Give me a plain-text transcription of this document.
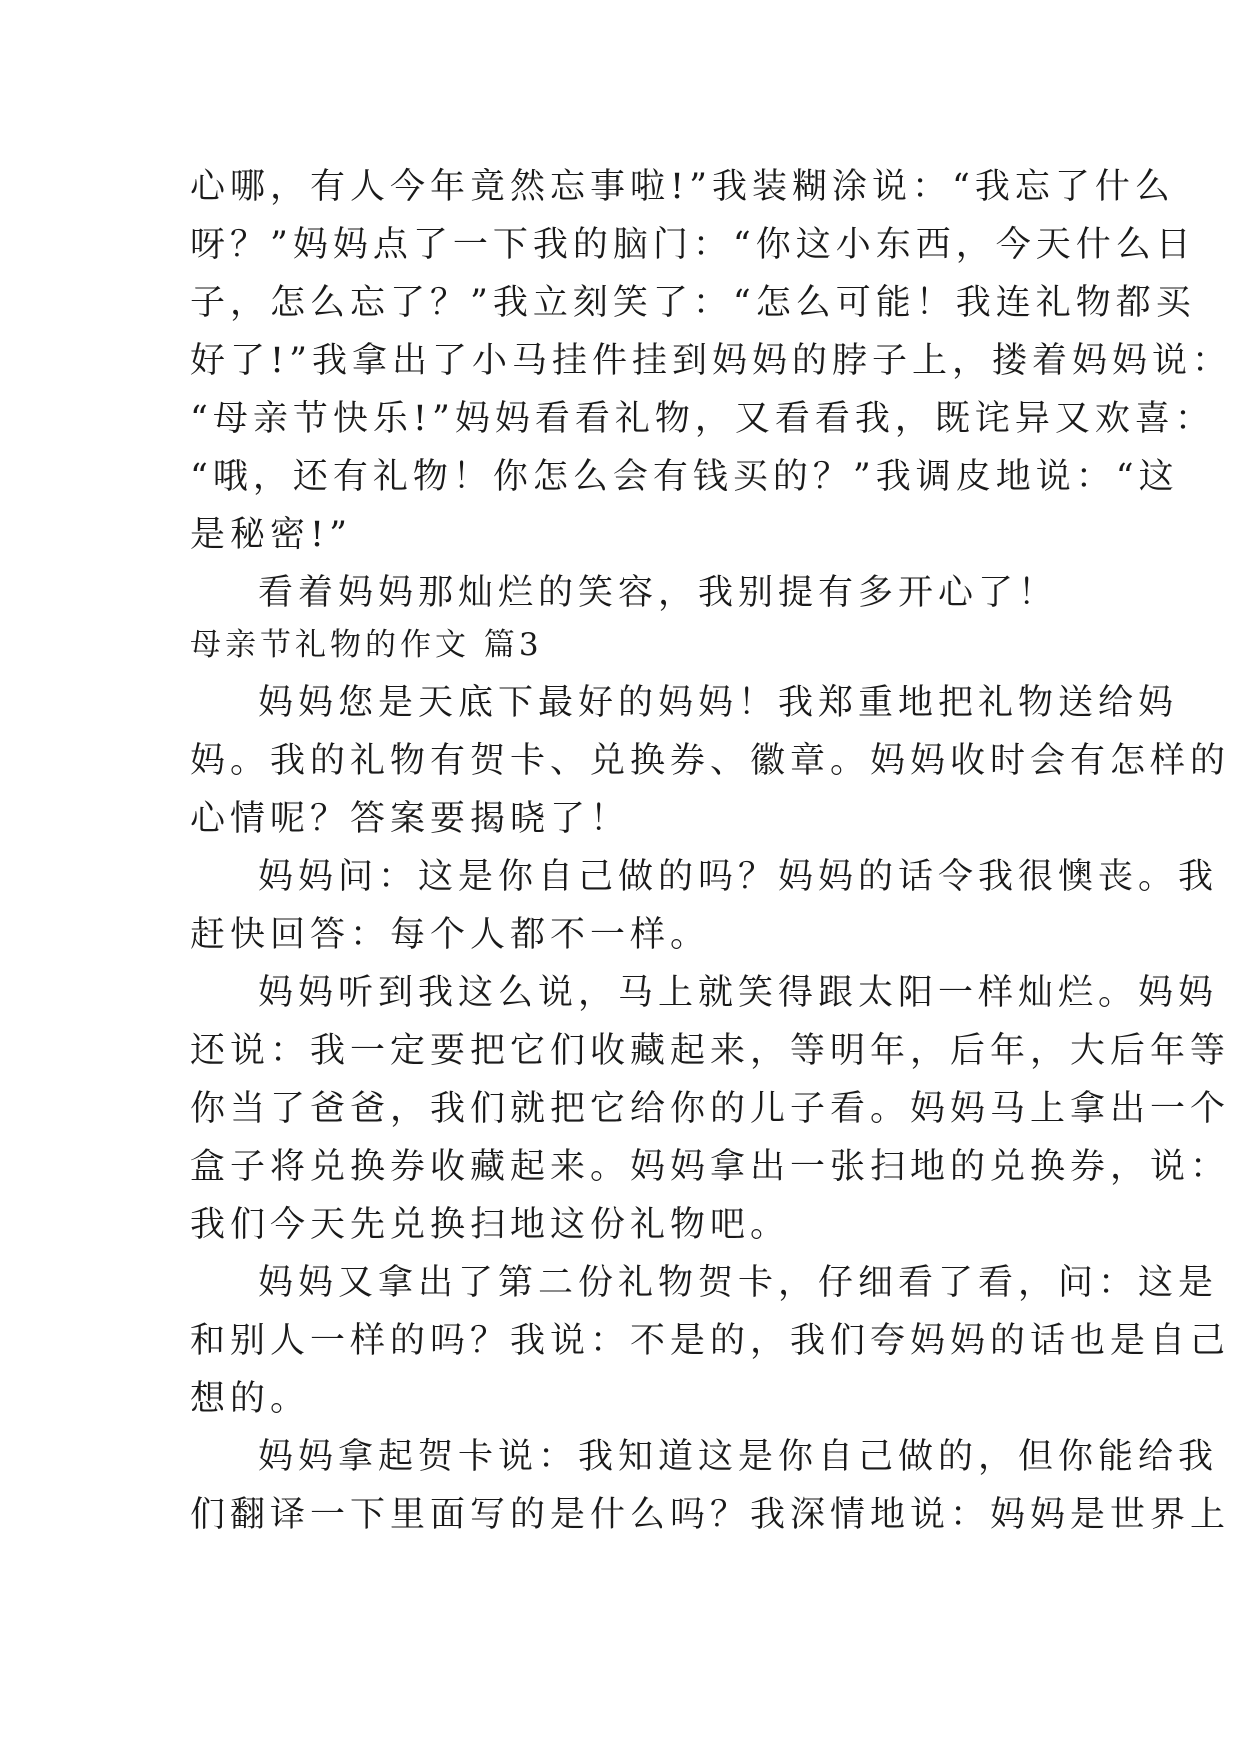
心哪，有人今年竟然忘事啦!”我装糊涂说：“我忘了什么
呀？”妈妈点了一下我的脑门：“你这小东西，今天什么日
子，怎么忘了？”我立刻笑了：“怎么可能！我连礼物都买
好了!”我拿出了小马挂件挂到妈妈的脖子上，搂着妈妈说：
“母亲节快乐!”妈妈看看礼物，又看看我，既诧异又欢喜：
“哦，还有礼物！你怎么会有钱买的？”我调皮地说：“这
是秘密!”
看着妈妈那灿烂的笑容，我别提有多开心了！
母亲节礼物的作文 篇3
妈妈您是天底下最好的妈妈！我郑重地把礼物送给妈
妈。我的礼物有贺卡、兑换券、徽章。妈妈收时会有怎样的
心情呢？答案要揭晓了！
妈妈问：这是你自己做的吗？妈妈的话令我很懊丧。我
赶快回答：每个人都不一样。
妈妈听到我这么说，马上就笑得跟太阳一样灿烂。妈妈
还说：我一定要把它们收藏起来，等明年，后年，大后年等
你当了爸爸，我们就把它给你的儿子看。妈妈马上拿出一个
盒子将兑换券收藏起来。妈妈拿出一张扫地的兑换券，说：
我们今天先兑换扫地这份礼物吧。
妈妈又拿出了第二份礼物贺卡，仔细看了看，问：这是
和别人一样的吗？我说：不是的，我们夸妈妈的话也是自己
想的。
妈妈拿起贺卡说：我知道这是你自己做的，但你能给我
们翻译一下里面写的是什么吗？我深情地说：妈妈是世界上
